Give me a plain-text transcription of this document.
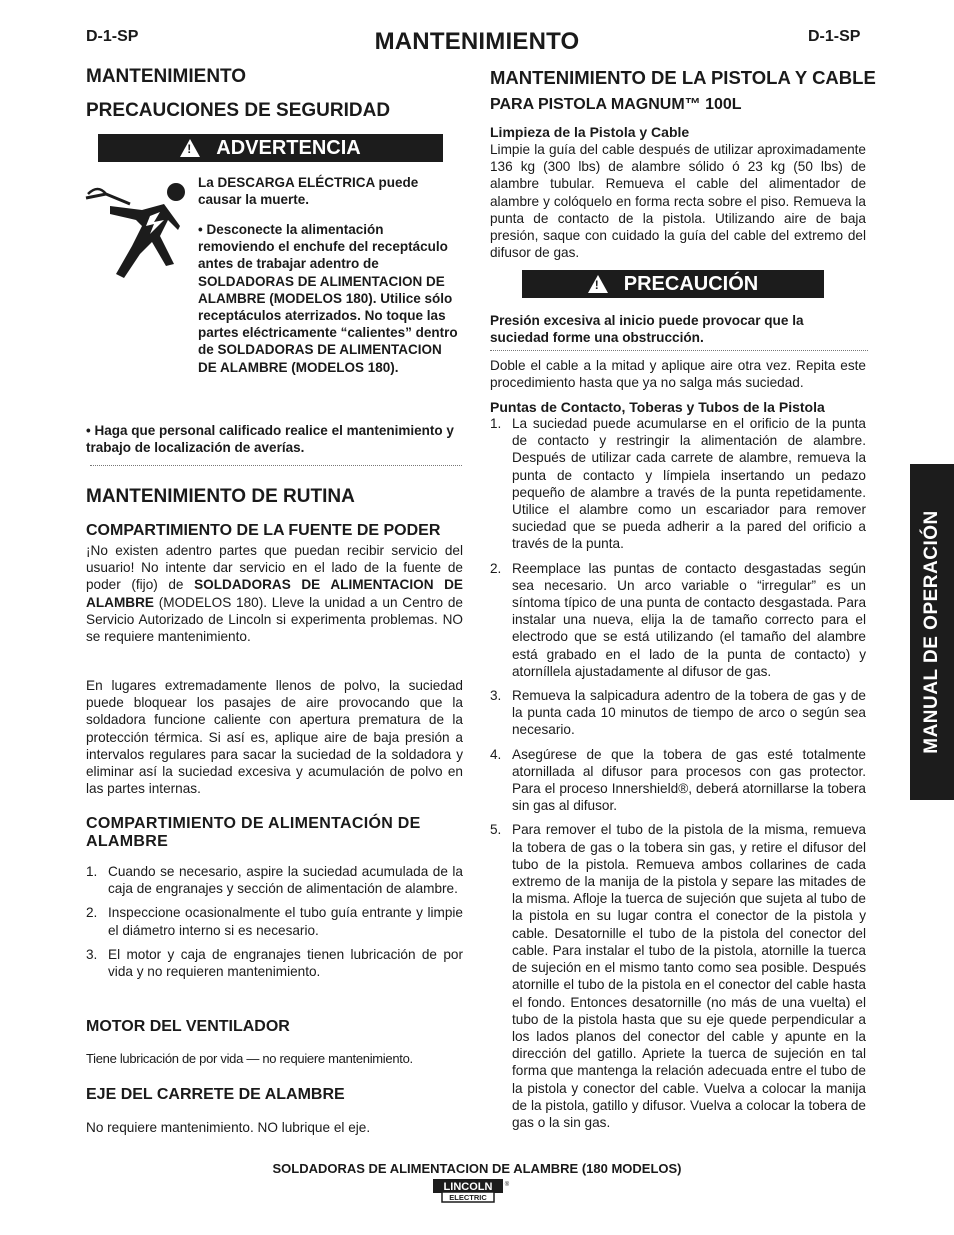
D-1-SP	MANTENIMIENTO	D-1-SP
MANTENIMIENTO
PRECAUCIONES DE SEGURIDAD
! ADVERTENCIA
La DESCARGA ELÉCTRICA puede causar la muerte.
• Desconecte la alimentación removiendo el enchufe del receptáculo antes de trabajar adentro de SOLDADORAS DE ALIMENTACION DE ALAMBRE (MODELOS 180). Utilice sólo receptáculos aterrizados. No toque las partes eléctricamente “calientes” dentro de SOLDADORAS DE ALIMENTACION DE ALAMBRE (MODELOS 180).
• Haga que personal calificado realice el mantenimiento y trabajo de localización de averías.
MANTENIMIENTO DE RUTINA
COMPARTIMIENTO DE LA FUENTE DE PODER
¡No existen adentro partes que puedan recibir servicio del usuario! No intente dar servicio en el lado de la fuente de poder (fijo) de SOLDADORAS DE ALIMENTACION DE ALAMBRE (MODELOS 180). Lleve la unidad a un Centro de Servicio Autorizado de Lincoln si experimenta problemas. NO se requiere mantenimiento.
En lugares extremadamente llenos de polvo, la suciedad puede bloquear los pasajes de aire provocando que la soldadora funcione caliente con apertura prematura de la protección térmica. Si así es, aplique aire de baja presión a intervalos regulares para sacar la suciedad de la soldadora y eliminar así la suciedad excesiva y acumulación de polvo en las partes internas.
COMPARTIMIENTO DE ALIMENTACIÓN DE ALAMBRE
1. Cuando se necesario, aspire la suciedad acumulada de la caja de engranajes y sección de alimentación de alambre.
2. Inspeccione ocasionalmente el tubo guía entrante y limpie el diámetro interno si es necesario.
3. El motor y caja de engranajes tienen lubricación de por vida y no requieren mantenimiento.
MOTOR DEL VENTILADOR
Tiene lubricación de por vida — no requiere mantenimiento.
EJE DEL CARRETE DE ALAMBRE
No requiere mantenimiento. NO lubrique el eje.
MANTENIMIENTO DE LA PISTOLA Y CABLE
PARA PISTOLA MAGNUM™ 100L
Limpieza de la Pistola y Cable
Limpie la guía del cable después de utilizar aproximadamente 136 kg (300 lbs) de alambre sólido ó 23 kg (50 lbs) de alambre tubular. Remueva el cable del alimentador de alambre y colóquelo en forma recta sobre el piso. Remueva la punta de contacto de la pistola. Utilizando aire de baja presión, saque con cuidado la guía del cable del extremo del difusor de gas.
! PRECAUCIÓN
Presión excesiva al inicio puede provocar que la suciedad forme una obstrucción.
Doble el cable a la mitad y aplique aire otra vez. Repita este procedimiento hasta que ya no salga más suciedad.
Puntas de Contacto, Toberas y Tubos de la Pistola
1. La suciedad puede acumularse en el orificio de la punta de contacto y restringir la alimentación de alambre. Después de utilizar cada carrete de alambre, remueva la punta de contacto y límpiela insertando un pedazo pequeño de alambre a través de la punta repetidamente. Utilice el alambre como un escariador para remover suciedad que se pueda adherir a la pared del orificio a través de la punta.
2. Reemplace las puntas de contacto desgastadas según sea necesario. Un arco variable o “irregular” es un síntoma típico de una punta de contacto desgastada. Para instalar una nueva, elija la de tamaño correcto para el electrodo que se está utilizando (el tamaño del alambre está grabado en el lado de la punta de contacto) y atorníllela ajustadamente al difusor de gas.
3. Remueva la salpicadura adentro de la tobera de gas y de la punta cada 10 minutos de tiempo de arco o según sea necesario.
4. Asegúrese de que la tobera de gas esté totalmente atornillada al difusor para procesos con gas protector. Para el proceso Innershield®, deberá atornillarse la tobera sin gas al difusor.
5. Para remover el tubo de la pistola de la misma, remueva la tobera de gas o la tobera sin gas, y retire el difusor del tubo de la pistola. Remueva ambos collarines de cada extremo de la manija de la pistola y separe las mitades de la misma. Afloje la tuerca de sujeción que sujeta al tubo de la pistola en su lugar contra el conector de la pistola y cable. Desatornille el tubo de la pistola del conector del cable. Para instalar el tubo de la pistola, atornille la tuerca de sujeción en el mismo tanto como sea posible. Después atornille el tubo de la pistola en el conector del cable hasta el fondo. Entonces desatornille (no más de una vuelta) el tubo de la pistola hasta que su eje quede perpendicular a los lados planos del conector del cable y apunte en la dirección del gatillo. Apriete la tuerca de sujeción en tal forma que mantenga la relación adecuada entre el tubo de la pistola y conector del cable. Vuelva a colocar la manija de la pistola, gatillo y difusor. Vuelva a colocar la tobera de gas o la sin gas.
MANUAL DE OPERACIÓN
SOLDADORAS DE ALIMENTACION DE ALAMBRE (180 MODELOS)
LINCOLN
ELECTRIC
®
